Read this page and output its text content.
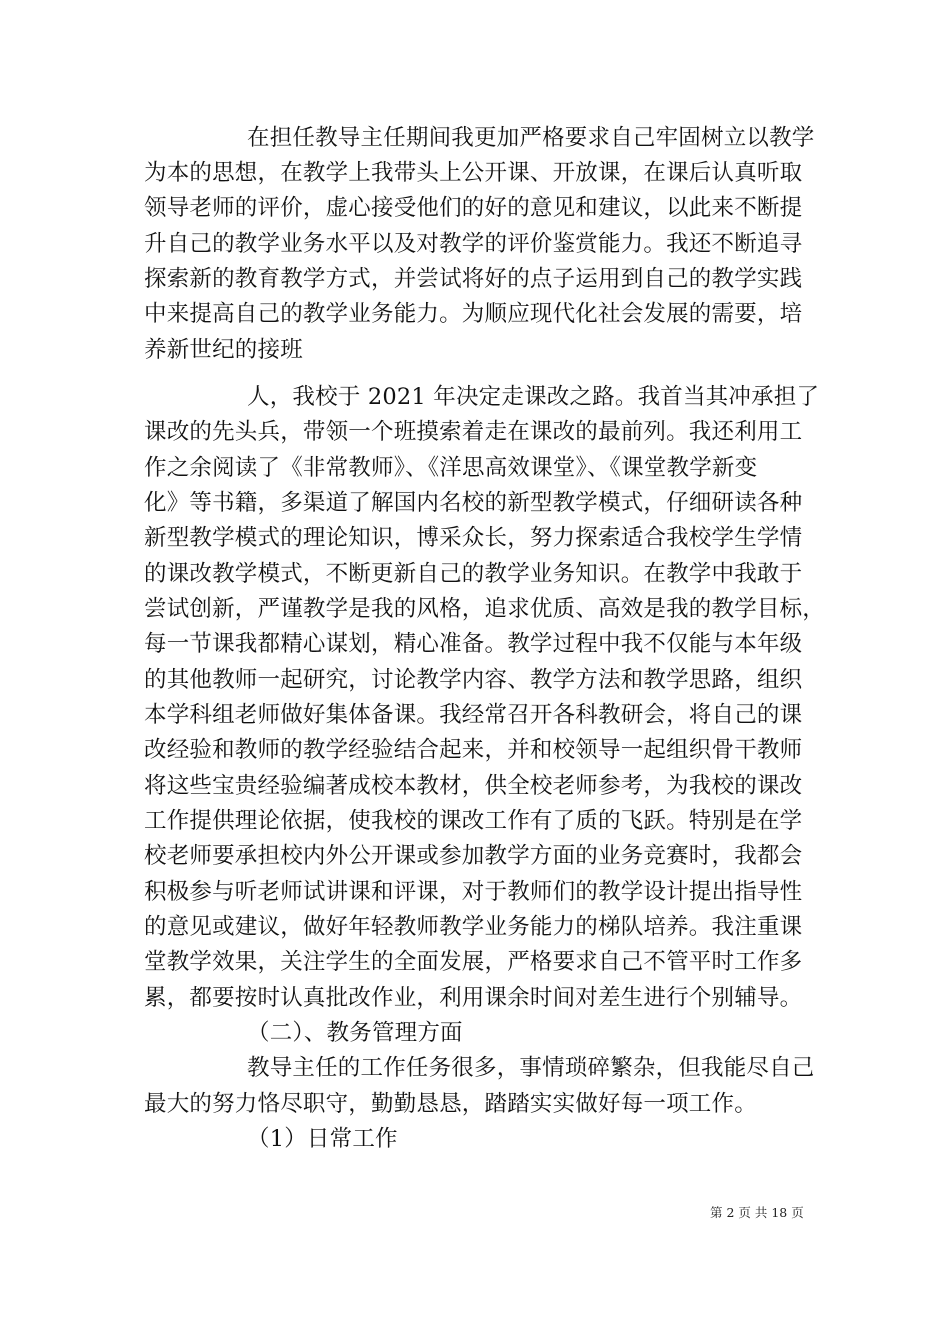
在担任教导主任期间我更加严格要求自己牢固树立以教学
为本的思想，在教学上我带头上公开课、开放课，在课后认真听取
领导老师的评价，虚心接受他们的好的意见和建议，以此来不断提
升自己的教学业务水平以及对教学的评价鉴赏能力。我还不断追寻
探索新的教育教学方式，并尝试将好的点子运用到自己的教学实践
中来提高自己的教学业务能力。为顺应现代化社会发展的需要，培
养新世纪的接班
人，我校于 2021 年决定走课改之路。我首当其冲承担了
课改的先头兵，带领一个班摸索着走在课改的最前列。我还利用工
作之余阅读了《非常教师》、《洋思高效课堂》、《课堂教学新变
化》等书籍，多渠道了解国内名校的新型教学模式，仔细研读各种
新型教学模式的理论知识，博采众长，努力探索适合我校学生学情
的课改教学模式，不断更新自己的教学业务知识。在教学中我敢于
尝试创新，严谨教学是我的风格，追求优质、高效是我的教学目标，
每一节课我都精心谋划，精心准备。教学过程中我不仅能与本年级
的其他教师一起研究，讨论教学内容、教学方法和教学思路，组织
本学科组老师做好集体备课。我经常召开各科教研会，将自己的课
改经验和教师的教学经验结合起来，并和校领导一起组织骨干教师
将这些宝贵经验编著成校本教材，供全校老师参考，为我校的课改
工作提供理论依据，使我校的课改工作有了质的飞跃。特别是在学
校老师要承担校内外公开课或参加教学方面的业务竞赛时，我都会
积极参与听老师试讲课和评课，对于教师们的教学设计提出指导性
的意见或建议，做好年轻教师教学业务能力的梯队培养。我注重课
堂教学效果，关注学生的全面发展，严格要求自己不管平时工作多
累，都要按时认真批改作业，利用课余时间对差生进行个别辅导。
（二）、教务管理方面
教导主任的工作任务很多，事情琐碎繁杂，但我能尽自己
最大的努力恪尽职守，勤勤恳恳，踏踏实实做好每一项工作。
（1）日常工作
第 2 页 共 18 页
